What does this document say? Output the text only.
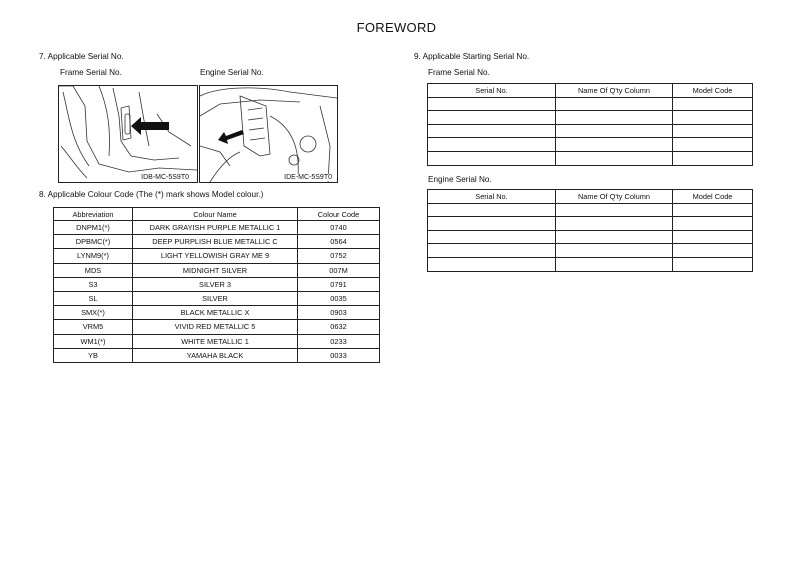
FOREWORD
7. Applicable Serial No.
Frame Serial No.	Engine Serial No.
IDB-MC-5S9T0	IDE-MC-5S9T0
8. Applicable Colour Code (The (*) mark shows Model colour.)
Abbreviation	Colour Name	Colour Code
DNPM1(*)	DARK GRAYISH PURPLE METALLIC 1	0740
DPBMC(*)	DEEP PURPLISH BLUE METALLIC C	0564
LYNM9(*)	LIGHT YELLOWISH GRAY ME 9	0752
MDS	MIDNIGHT SILVER	007M
S3	SILVER 3	0791
SL	SILVER	0035
SMX(*)	BLACK METALLIC X	0903
VRM5	VIVID RED METALLIC 5	0632
WM1(*)	WHITE METALLIC 1	0233
YB	YAMAHA BLACK	0033
9. Applicable Starting Serial No.
Frame Serial No.
Serial No.	Name Of Q'ty Column	Model Code

Engine Serial No.
Serial No.	Name Of Q'ty Column	Model Code
